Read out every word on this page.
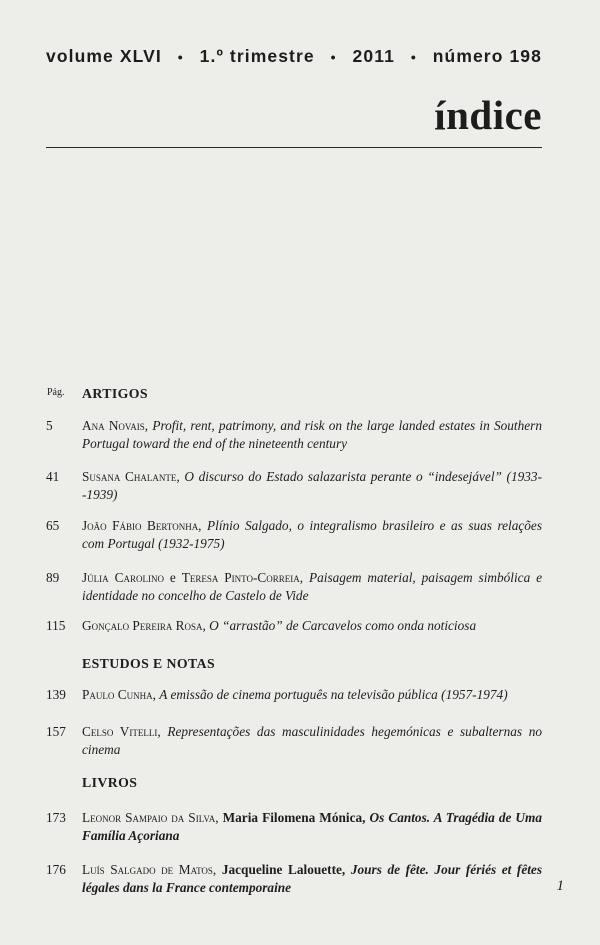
volume XLVI • 1.º trimestre • 2011 • número 198
índice
Pág. ARTIGOS
5	Ana Novais, Profit, rent, patrimony, and risk on the large landed estates in Southern Portugal toward the end of the nineteenth century
41	Susana Chalante, O discurso do Estado salazarista perante o “indesejável” (1933--1939)
65	João Fábio Bertonha, Plínio Salgado, o integralismo brasileiro e as suas relações com Portugal (1932-1975)
89	Júlia Carolino e Teresa Pinto-Correia, Paisagem material, paisagem simbólica e identidade no concelho de Castelo de Vide
115	Gonçalo Pereira Rosa, O “arrastão” de Carcavelos como onda noticiosa
ESTUDOS E NOTAS
139	Paulo Cunha, A emissão de cinema português na televisão pública (1957-1974)
157	Celso Vitelli, Representações das masculinidades hegemónicas e subalternas no cinema
LIVROS
173	Leonor Sampaio da Silva, Maria Filomena Mónica, Os Cantos. A Tragédia de Uma Família Açoriana
176	Luís Salgado de Matos, Jacqueline Lalouette, Jours de fête. Jour fériés et fêtes légales dans la France contemporaine	1
